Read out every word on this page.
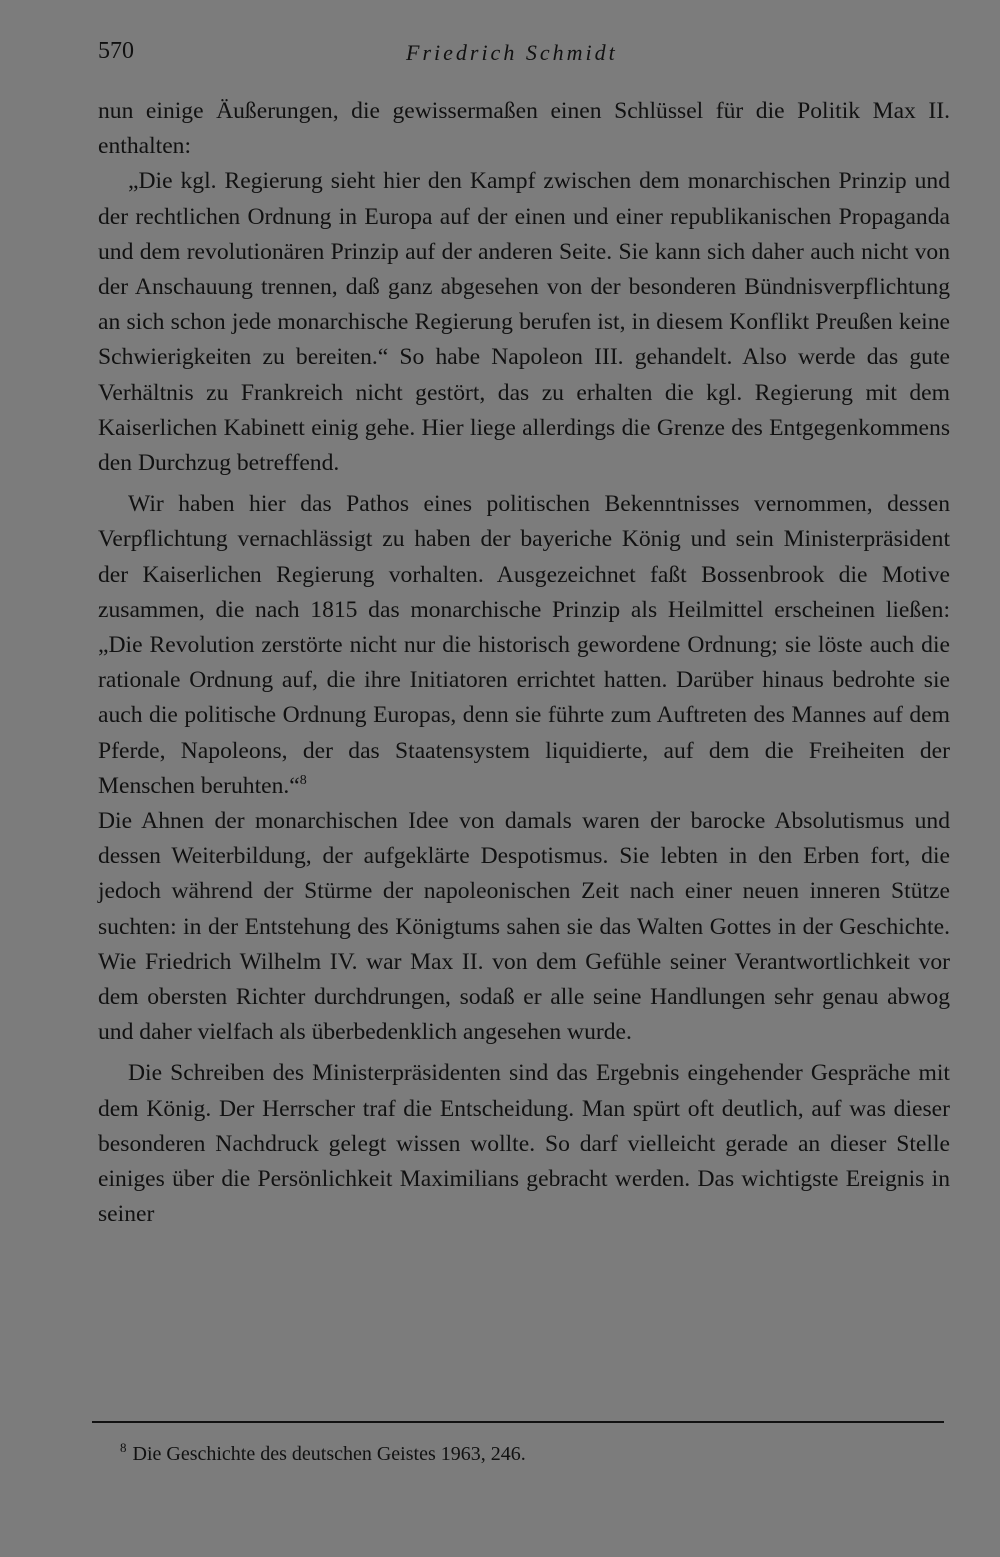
570	Friedrich Schmidt

nun einige Äußerungen, die gewissermaßen einen Schlüssel für die Politik Max II. enthalten:

„Die kgl. Regierung sieht hier den Kampf zwischen dem monarchischen Prinzip und der rechtlichen Ordnung in Europa auf der einen und einer republikanischen Propaganda und dem revolutionären Prinzip auf der anderen Seite. Sie kann sich daher auch nicht von der Anschauung trennen, daß ganz abgesehen von der besonderen Bündnisverpflichtung an sich schon jede monarchische Regierung berufen ist, in diesem Konflikt Preußen keine Schwierigkeiten zu bereiten.“ So habe Napoleon III. gehandelt. Also werde das gute Verhältnis zu Frankreich nicht gestört, das zu erhalten die kgl. Regierung mit dem Kaiserlichen Kabinett einig gehe. Hier liege allerdings die Grenze des Entgegenkommens den Durchzug betreffend.

Wir haben hier das Pathos eines politischen Bekenntnisses vernommen, dessen Verpflichtung vernachlässigt zu haben der bayeriche König und sein Ministerpräsident der Kaiserlichen Regierung vorhalten. Ausgezeichnet faßt Bossenbrook die Motive zusammen, die nach 1815 das monarchische Prinzip als Heilmittel erscheinen ließen: „Die Revolution zerstörte nicht nur die historisch gewordene Ordnung; sie löste auch die rationale Ordnung auf, die ihre Initiatoren errichtet hatten. Darüber hinaus bedrohte sie auch die politische Ordnung Europas, denn sie führte zum Auftreten des Mannes auf dem Pferde, Napoleons, der das Staatensystem liquidierte, auf dem die Freiheiten der Menschen beruhten.“$^8$

Die Ahnen der monarchischen Idee von damals waren der barocke Absolutismus und dessen Weiterbildung, der aufgeklärte Despotismus. Sie lebten in den Erben fort, die jedoch während der Stürme der napoleonischen Zeit nach einer neuen inneren Stütze suchten: in der Entstehung des Königtums sahen sie das Walten Gottes in der Geschichte. Wie Friedrich Wilhelm IV. war Max II. von dem Gefühle seiner Verantwortlichkeit vor dem obersten Richter durchdrungen, sodaß er alle seine Handlungen sehr genau abwog und daher vielfach als überbedenklich angesehen wurde.

Die Schreiben des Ministerpräsidenten sind das Ergebnis eingehender Gespräche mit dem König. Der Herrscher traf die Entscheidung. Man spürt oft deutlich, auf was dieser besonderen Nachdruck gelegt wissen wollte. So darf vielleicht gerade an dieser Stelle einiges über die Persönlichkeit Maximilians gebracht werden. Das wichtigste Ereignis in seiner

$^8$ Die Geschichte des deutschen Geistes 1963, 246.
